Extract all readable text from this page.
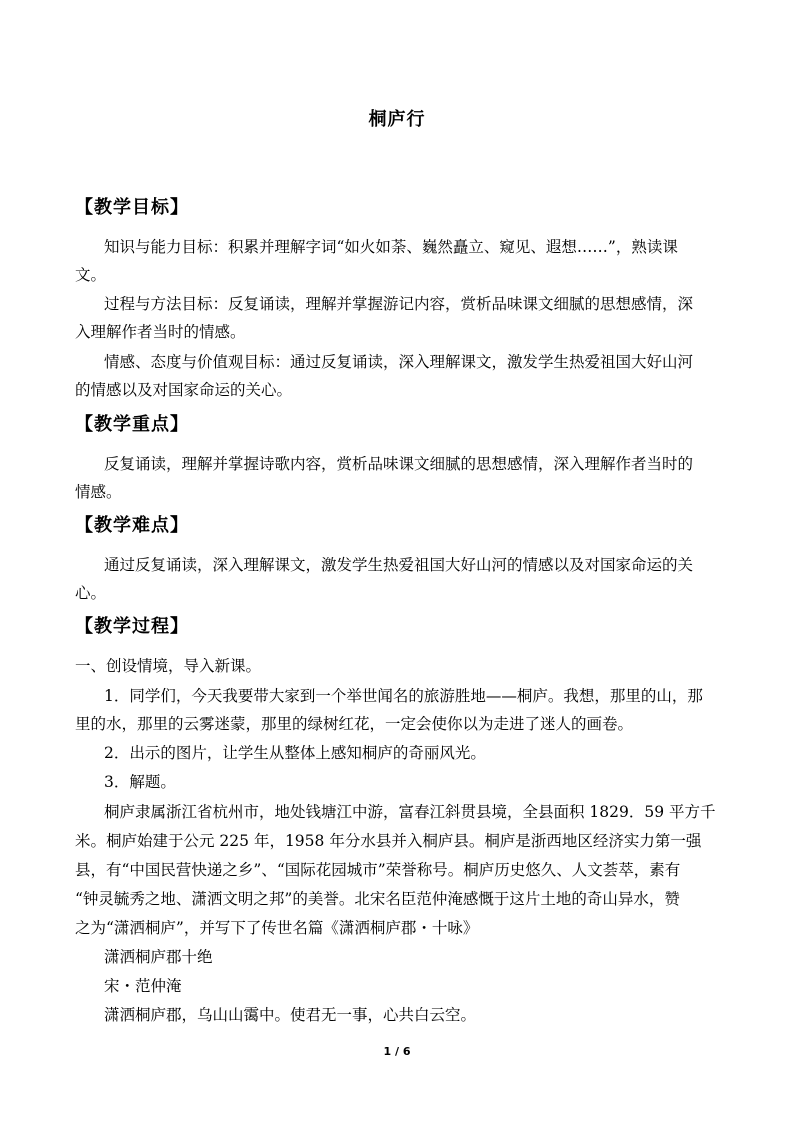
桐庐行
【教学目标】
知识与能力目标：积累并理解字词“如火如荼、巍然矗立、窥见、遐想……”，熟读课
文。
过程与方法目标：反复诵读，理解并掌握游记内容，赏析品味课文细腻的思想感情，深
入理解作者当时的情感。
情感、态度与价值观目标：通过反复诵读，深入理解课文，激发学生热爱祖国大好山河
的情感以及对国家命运的关心。
【教学重点】
反复诵读，理解并掌握诗歌内容，赏析品味课文细腻的思想感情，深入理解作者当时的
情感。
【教学难点】
通过反复诵读，深入理解课文，激发学生热爱祖国大好山河的情感以及对国家命运的关
心。
【教学过程】
一、创设情境，导入新课。
1．同学们，今天我要带大家到一个举世闻名的旅游胜地——桐庐。我想，那里的山，那
里的水，那里的云雾迷蒙，那里的绿树红花，一定会使你以为走进了迷人的画卷。
2．出示的图片，让学生从整体上感知桐庐的奇丽风光。
3．解题。
桐庐隶属浙江省杭州市，地处钱塘江中游，富春江斜贯县境，全县面积 1829．59 平方千
米。桐庐始建于公元 225 年，1958 年分水县并入桐庐县。桐庐是浙西地区经济实力第一强
县，有“中国民营快递之乡”、“国际花园城市”荣誉称号。桐庐历史悠久、人文荟萃，素有
“钟灵毓秀之地、潇洒文明之邦”的美誉。北宋名臣范仲淹感慨于这片土地的奇山异水，赞
之为“潇洒桐庐”，并写下了传世名篇《潇洒桐庐郡・十咏》
潇洒桐庐郡十绝
宋・范仲淹
潇洒桐庐郡，乌山山霭中。使君无一事，心共白云空。
1 / 6
